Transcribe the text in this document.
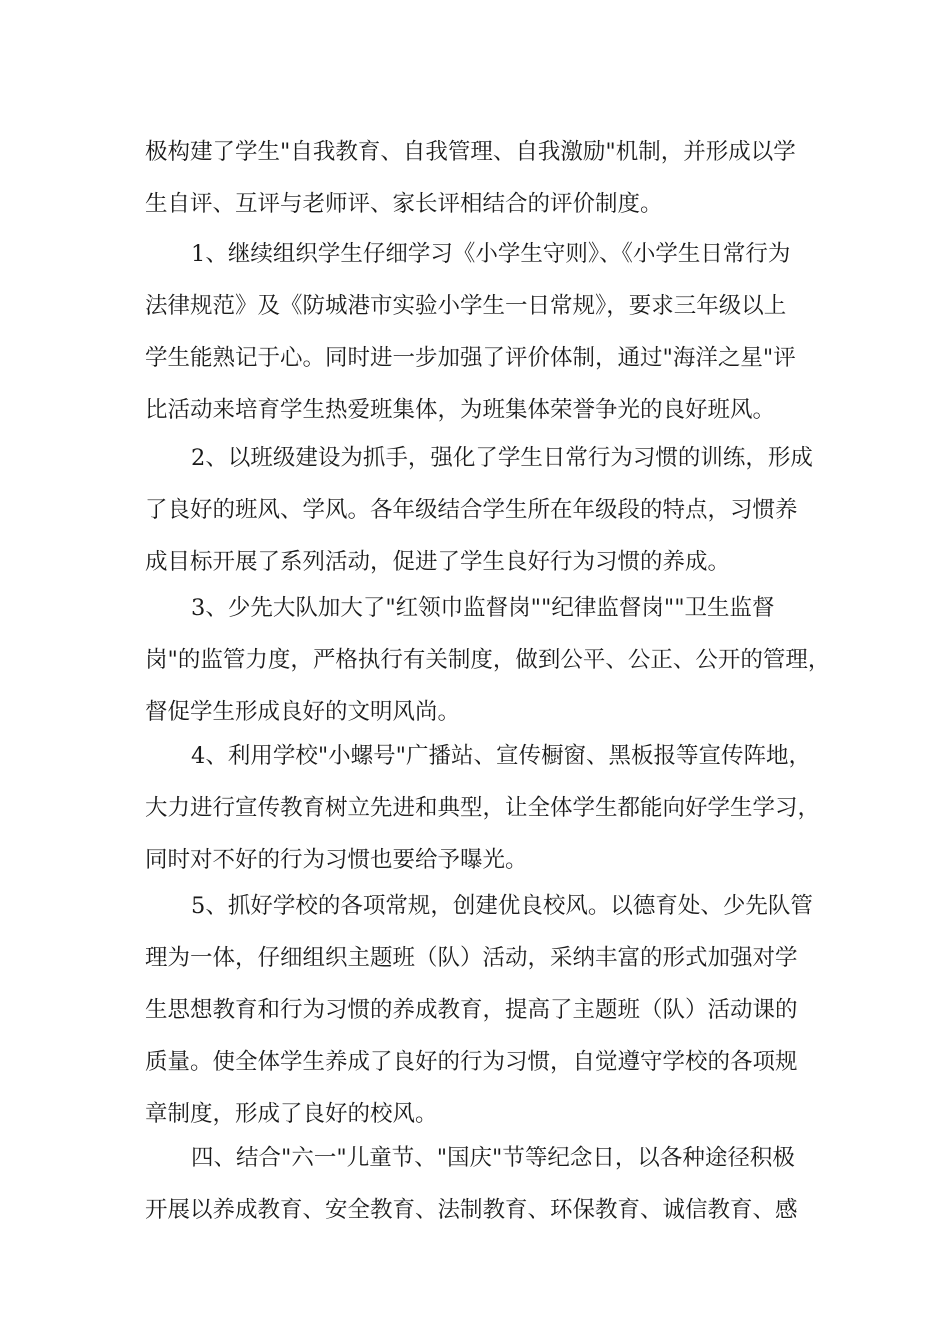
极构建了学生"自我教育、自我管理、自我激励"机制，并形成以学
生自评、互评与老师评、家长评相结合的评价制度。
1、继续组织学生仔细学习《小学生守则》、《小学生日常行为
法律规范》及《防城港市实验小学生一日常规》，要求三年级以上
学生能熟记于心。同时进一步加强了评价体制，通过"海洋之星"评
比活动来培育学生热爱班集体，为班集体荣誉争光的良好班风。
2、以班级建设为抓手，强化了学生日常行为习惯的训练，形成
了良好的班风、学风。各年级结合学生所在年级段的特点，习惯养
成目标开展了系列活动，促进了学生良好行为习惯的养成。
3、少先大队加大了"红领巾监督岗""纪律监督岗""卫生监督
岗"的监管力度，严格执行有关制度，做到公平、公正、公开的管理，
督促学生形成良好的文明风尚。
4、利用学校"小螺号"广播站、宣传橱窗、黑板报等宣传阵地，
大力进行宣传教育树立先进和典型，让全体学生都能向好学生学习，
同时对不好的行为习惯也要给予曝光。
5、抓好学校的各项常规，创建优良校风。以德育处、少先队管
理为一体，仔细组织主题班（队）活动，采纳丰富的形式加强对学
生思想教育和行为习惯的养成教育，提高了主题班（队）活动课的
质量。使全体学生养成了良好的行为习惯，自觉遵守学校的各项规
章制度，形成了良好的校风。
四、结合"六一"儿童节、"国庆"节等纪念日，以各种途径积极
开展以养成教育、安全教育、法制教育、环保教育、诚信教育、感
